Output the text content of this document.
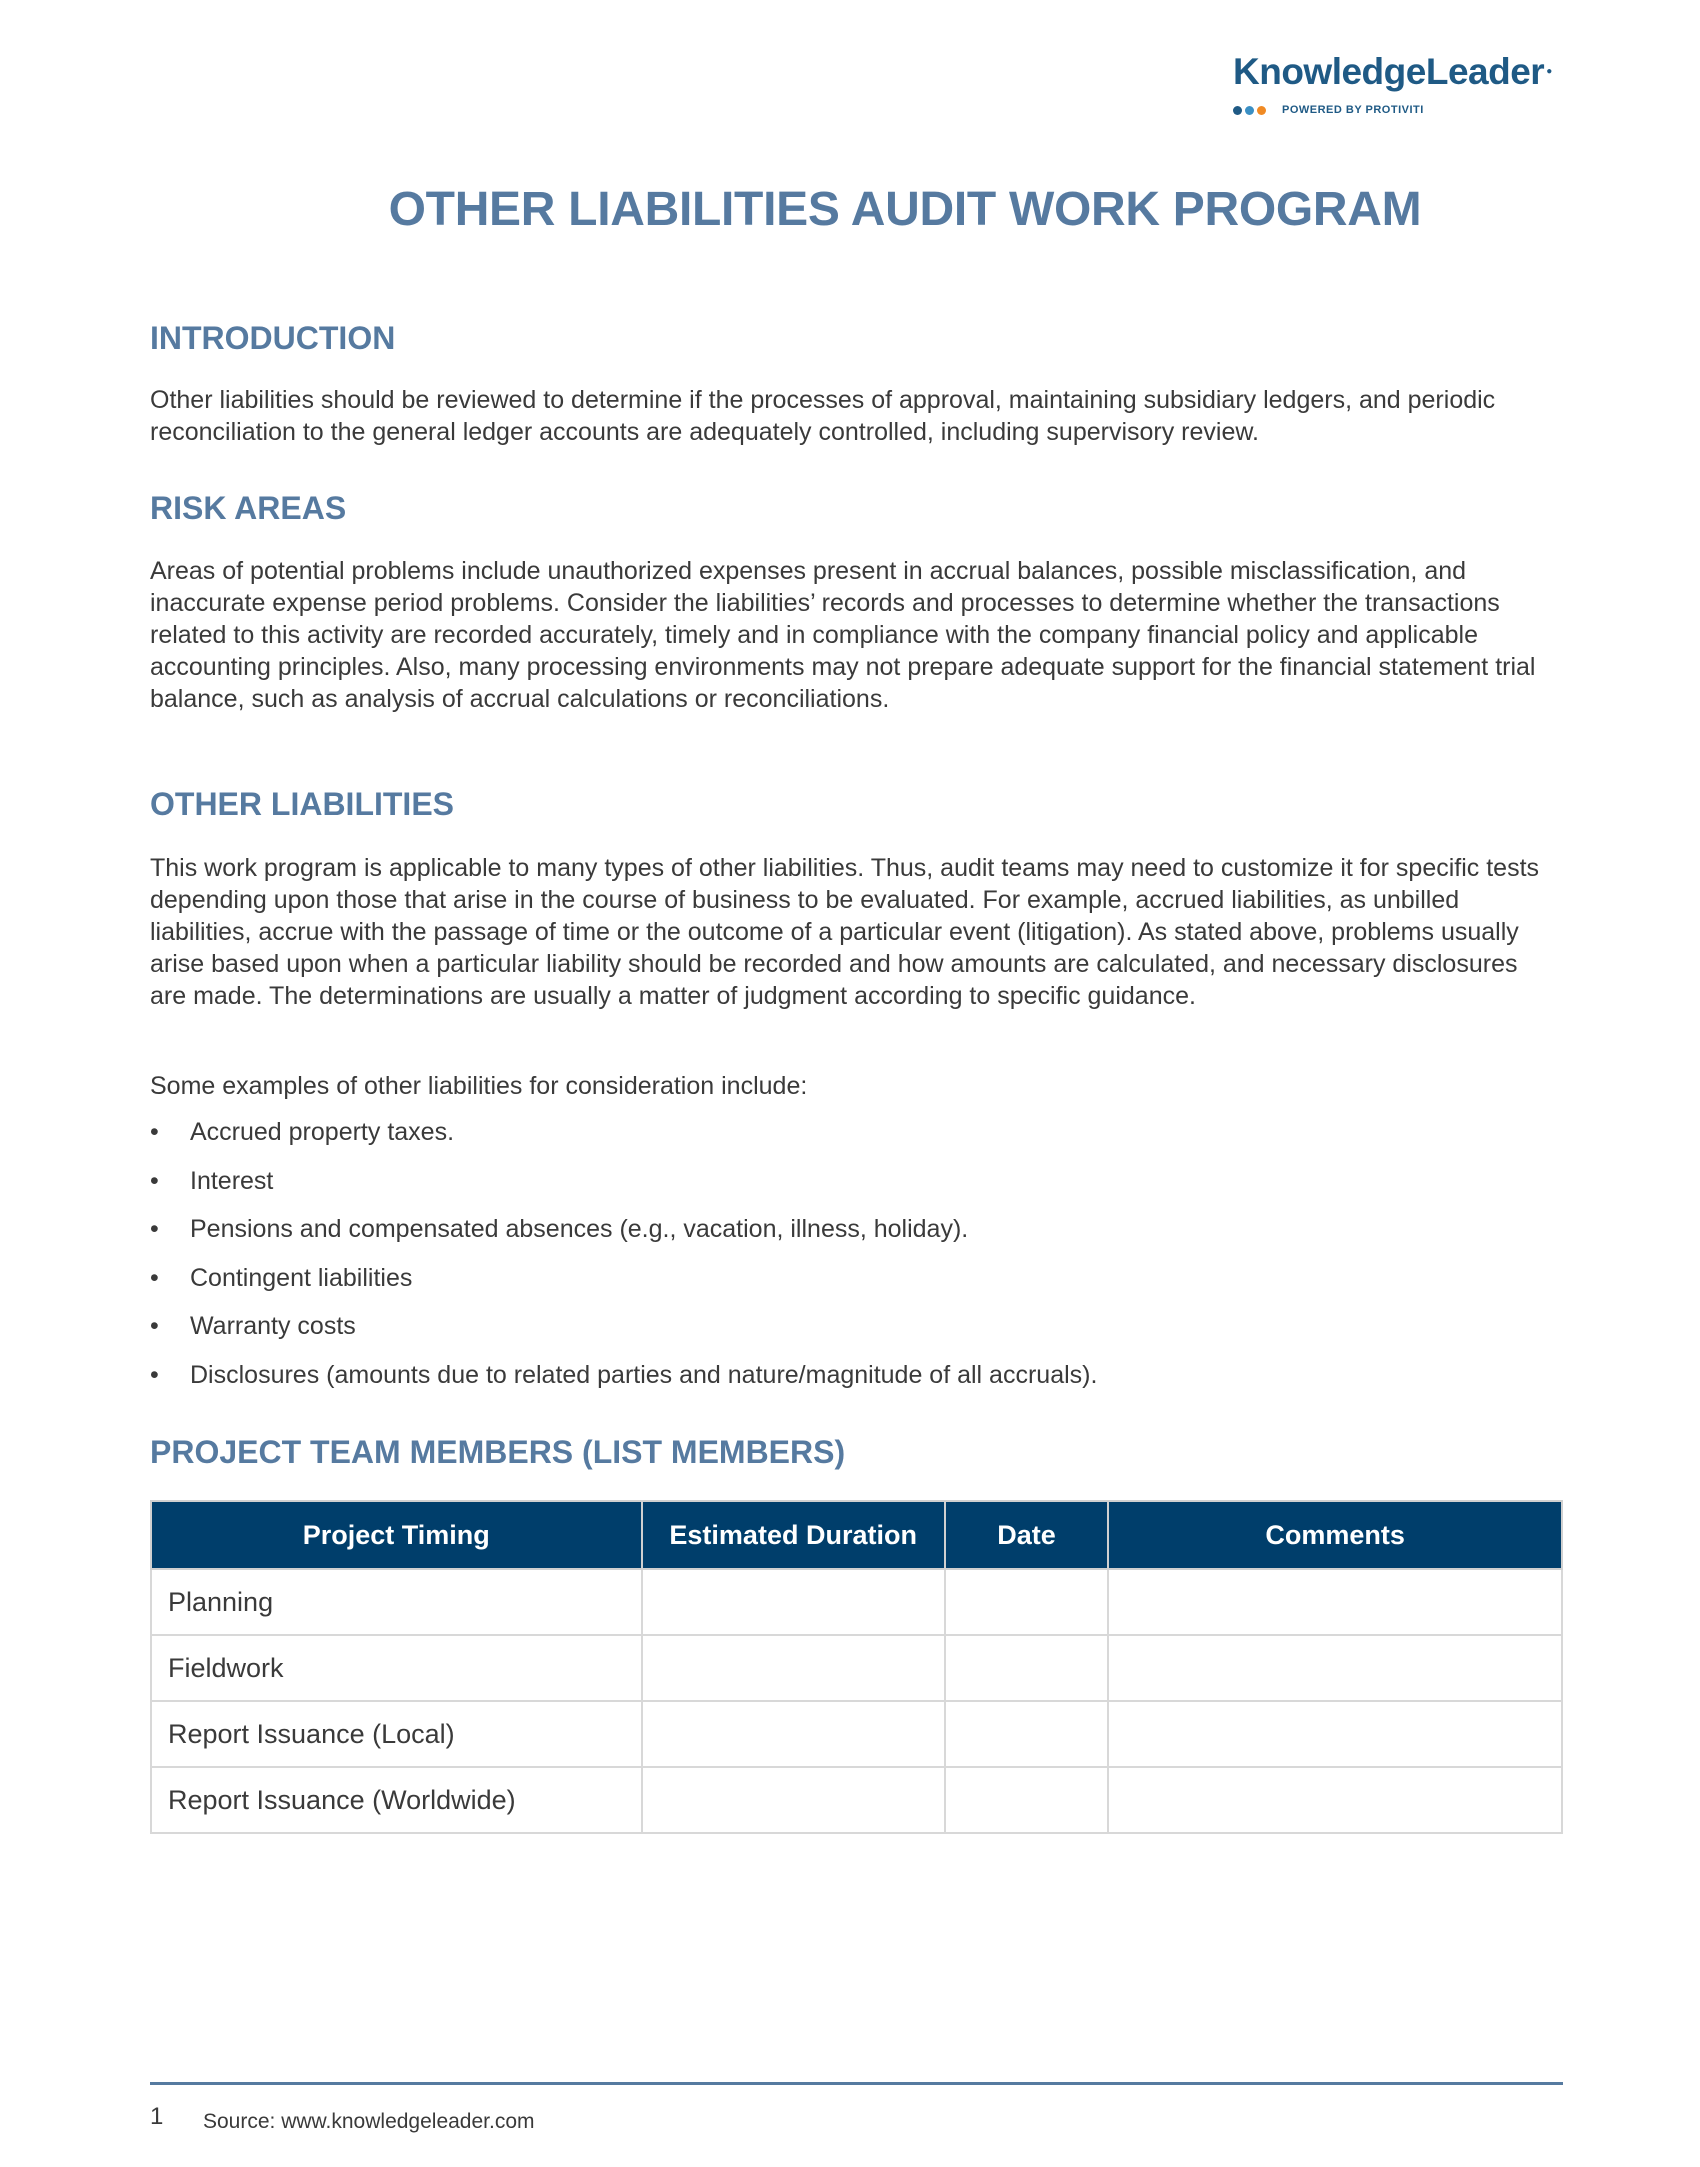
KnowledgeLeader ●
POWERED BY PROTIVITI
OTHER LIABILITIES AUDIT WORK PROGRAM
INTRODUCTION

Other liabilities should be reviewed to determine if the processes of approval, maintaining subsidiary ledgers, and periodic reconciliation to the general ledger accounts are adequately controlled, including supervisory review.

RISK AREAS

Areas of potential problems include unauthorized expenses present in accrual balances, possible misclassification, and inaccurate expense period problems. Consider the liabilities’ records and processes to determine whether the transactions related to this activity are recorded accurately, timely and in compliance with the company financial policy and applicable accounting principles. Also, many processing environments may not prepare adequate support for the financial statement trial balance, such as analysis of accrual calculations or reconciliations.

OTHER LIABILITIES

This work program is applicable to many types of other liabilities. Thus, audit teams may need to customize it for specific tests depending upon those that arise in the course of business to be evaluated. For example, accrued liabilities, as unbilled liabilities, accrue with the passage of time or the outcome of a particular event (litigation). As stated above, problems usually arise based upon when a particular liability should be recorded and how amounts are calculated, and necessary disclosures are made. The determinations are usually a matter of judgment according to specific guidance.

Some examples of other liabilities for consideration include:

• Accrued property taxes.
• Interest
• Pensions and compensated absences (e.g., vacation, illness, holiday).
• Contingent liabilities
• Warranty costs
• Disclosures (amounts due to related parties and nature/magnitude of all accruals).
PROJECT TEAM MEMBERS (LIST MEMBERS)
Project Timing	Estimated Duration	Date	Comments
Planning			
Fieldwork			
Report Issuance (Local)			
Report Issuance (Worldwide)			
1 Source: www.knowledgeleader.com
